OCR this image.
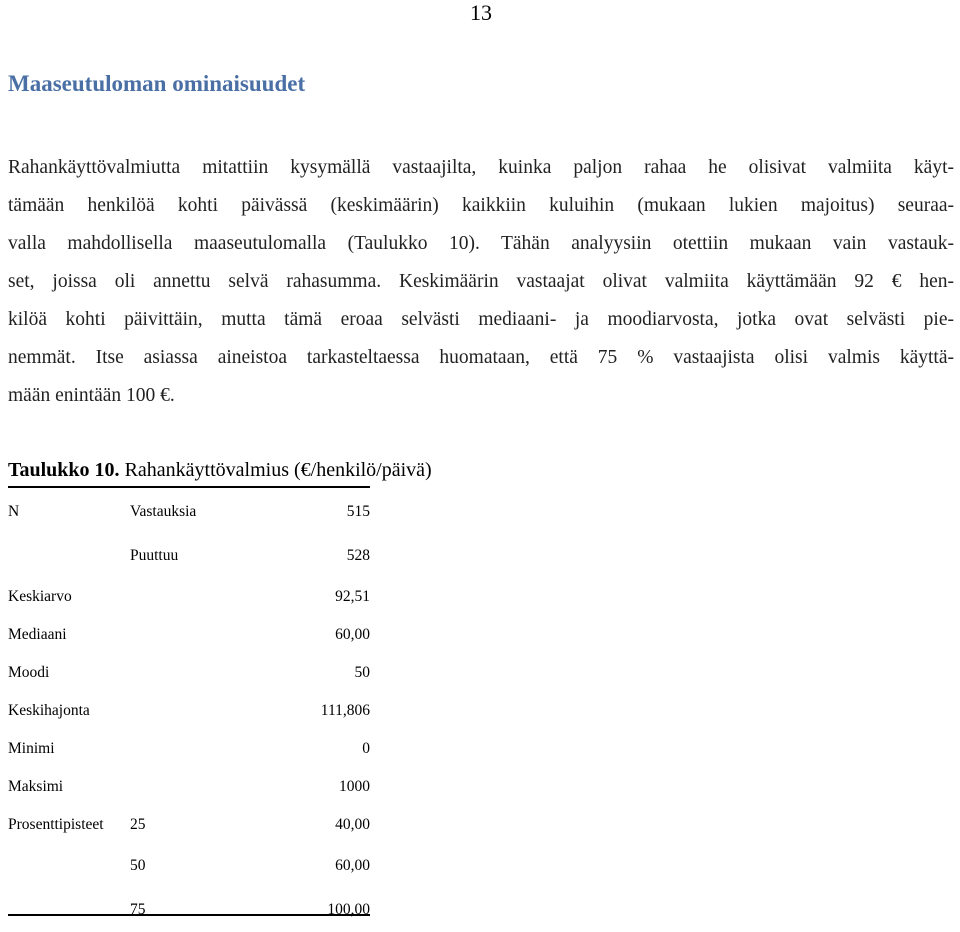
13
Maaseutuloman ominaisuudet
Rahankäyttövalmiutta mitattiin kysymällä vastaajilta, kuinka paljon rahaa he olisivat valmiita käyt-
tämään henkilöä kohti päivässä (keskimäärin) kaikkiin kuluihin (mukaan lukien majoitus) seuraa-
valla mahdollisella maaseutulomalla (Taulukko 10). Tähän analyysiin otettiin mukaan vain vastauk-
set, joissa oli annettu selvä rahasumma. Keskimäärin vastaajat olivat valmiita käyttämään 92 € hen-
kilöä kohti päivittäin, mutta tämä eroaa selvästi mediaani- ja moodiarvosta, jotka ovat selvästi pie-
nemmät. Itse asiassa aineistoa tarkasteltaessa huomataan, että 75 % vastaajista olisi valmis käyttä-
mään enintään 100 €.
Taulukko 10. Rahankäyttövalmius (€/henkilö/päivä)
N	Vastauksia	515
	Puuttuu	528
Keskiarvo		92,51
Mediaani		60,00
Moodi		50
Keskihajonta		111,806
Minimi		0
Maksimi		1000
Prosenttipisteet	25	40,00
	50	60,00
	75	100,00
